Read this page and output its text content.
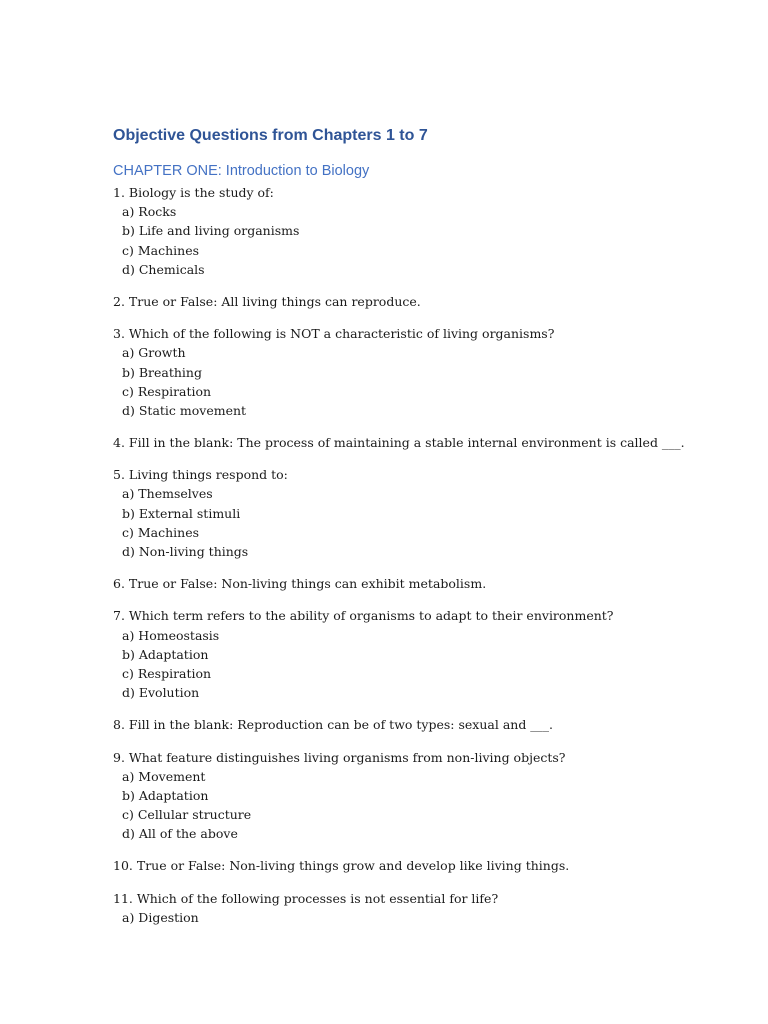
Objective Questions from Chapters 1 to 7
CHAPTER ONE: Introduction to Biology
1. Biology is the study of:
a) Rocks
b) Life and living organisms
c) Machines
d) Chemicals
2. True or False: All living things can reproduce.
3. Which of the following is NOT a characteristic of living organisms?
a) Growth
b) Breathing
c) Respiration
d) Static movement
4. Fill in the blank: The process of maintaining a stable internal environment is called ___.
5. Living things respond to:
a) Themselves
b) External stimuli
c) Machines
d) Non-living things
6. True or False: Non-living things can exhibit metabolism.
7. Which term refers to the ability of organisms to adapt to their environment?
a) Homeostasis
b) Adaptation
c) Respiration
d) Evolution
8. Fill in the blank: Reproduction can be of two types: sexual and ___.
9. What feature distinguishes living organisms from non-living objects?
a) Movement
b) Adaptation
c) Cellular structure
d) All of the above
10. True or False: Non-living things grow and develop like living things.
11. Which of the following processes is not essential for life?
a) Digestion
